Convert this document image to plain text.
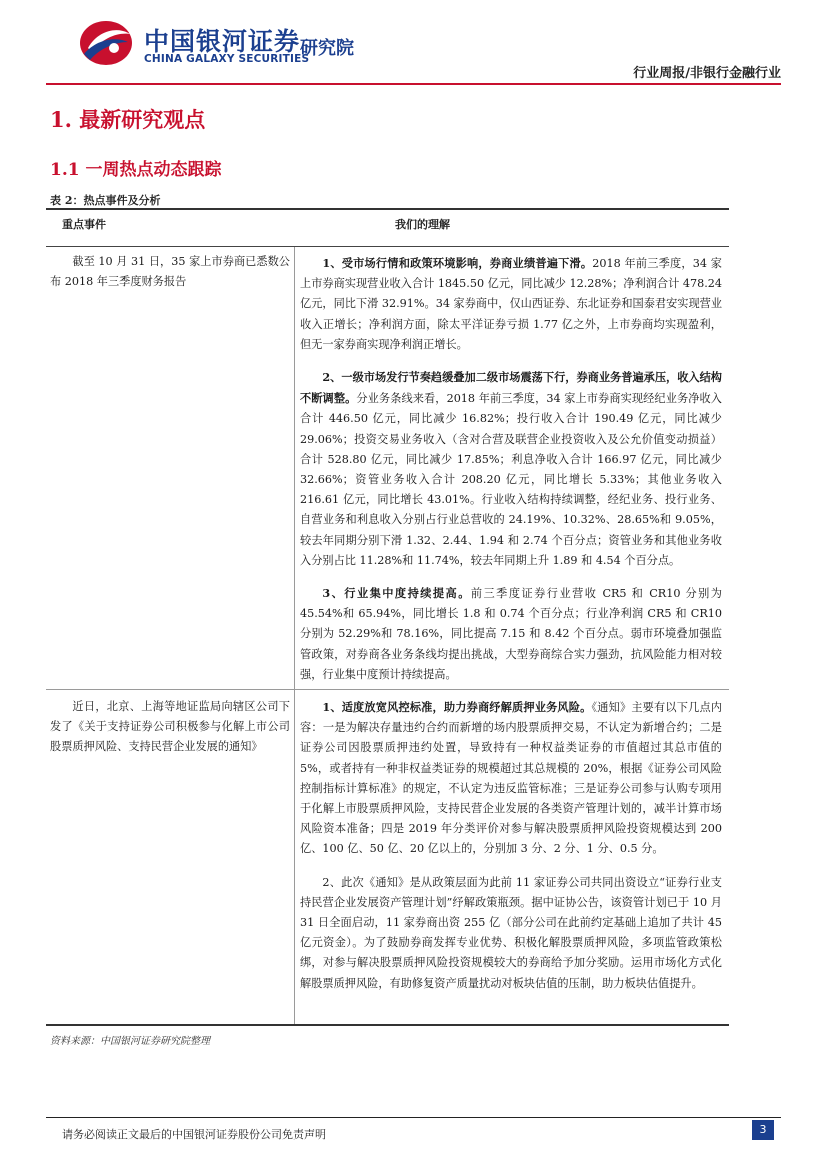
中国银河证券
CHINA GALAXY SECURITIES
研究院
行业周报/非银行金融行业
1. 最新研究观点
1.1 一周热点动态跟踪
表 2：热点事件及分析
重点事件	我们的理解

截至 10 月 31 日，35 家上市券商已悉数公布 2018 年三季度财务报告

1、受市场行情和政策环境影响，券商业绩普遍下滑。2018 年前三季度，34 家上市券商实现营业收入合计 1845.50 亿元，同比减少 12.28%；净利润合计 478.24 亿元，同比下滑 32.91%。34 家券商中，仅山西证券、东北证券和国泰君安实现营业收入正增长；净利润方面，除太平洋证券亏损 1.77 亿之外，上市券商均实现盈利，但无一家券商实现净利润正增长。

2、一级市场发行节奏趋缓叠加二级市场震荡下行，券商业务普遍承压，收入结构不断调整。分业务条线来看，2018 年前三季度，34 家上市券商实现经纪业务净收入合计 446.50 亿元，同比减少 16.82%；投行收入合计 190.49 亿元，同比减少 29.06%；投资交易业务收入（含对合营及联营企业投资收入及公允价值变动损益）合计 528.80 亿元，同比减少 17.85%；利息净收入合计 166.97 亿元，同比减少 32.66%；资管业务收入合计 208.20 亿元，同比增长 5.33%；其他业务收入 216.61 亿元，同比增长 43.01%。行业收入结构持续调整，经纪业务、投行业务、自营业务和利息收入分别占行业总营收的 24.19%、10.32%、28.65%和 9.05%，较去年同期分别下滑 1.32、2.44、1.94 和 2.74 个百分点；资管业务和其他业务收入分别占比 11.28%和 11.74%，较去年同期上升 1.89 和 4.54 个百分点。

3、行业集中度持续提高。前三季度证券行业营收 CR5 和 CR10 分别为 45.54%和 65.94%，同比增长 1.8 和 0.74 个百分点；行业净利润 CR5 和 CR10 分别为 52.29%和 78.16%，同比提高 7.15 和 8.42 个百分点。弱市环境叠加强监管政策，对券商各业务条线均提出挑战，大型券商综合实力强劲，抗风险能力相对较强，行业集中度预计持续提高。

近日，北京、上海等地证监局向辖区公司下发了《关于支持证券公司积极参与化解上市公司股票质押风险、支持民营企业发展的通知》

1、适度放宽风控标准，助力券商纾解质押业务风险。《通知》主要有以下几点内容：一是为解决存量违约合约而新增的场内股票质押交易，不认定为新增合约；二是证券公司因股票质押违约处置，导致持有一种权益类证券的市值超过其总市值的 5%，或者持有一种非权益类证券的规模超过其总规模的 20%，根据《证券公司风险控制指标计算标准》的规定，不认定为违反监管标准；三是证券公司参与认购专项用于化解上市股票质押风险，支持民营企业发展的各类资产管理计划的，减半计算市场风险资本准备；四是 2019 年分类评价对参与解决股票质押风险投资规模达到 200 亿、100 亿、50 亿、20 亿以上的，分别加 3 分、2 分、1 分、0.5 分。

2、此次《通知》是从政策层面为此前 11 家证券公司共同出资设立“证券行业支持民营企业发展资产管理计划”纾解政策瓶颈。据中证协公告，该资管计划已于 10 月 31 日全面启动，11 家券商出资 255 亿（部分公司在此前约定基础上追加了共计 45 亿元资金）。为了鼓励券商发挥专业优势、积极化解股票质押风险，多项监管政策松绑，对参与解决股票质押风险投资规模较大的券商给予加分奖励。运用市场化方式化解股票质押风险，有助修复资产质量扰动对板块估值的压制，助力板块估值提升。

资料来源：中国银河证券研究院整理
请务必阅读正文最后的中国银河证券股份公司免责声明	3
